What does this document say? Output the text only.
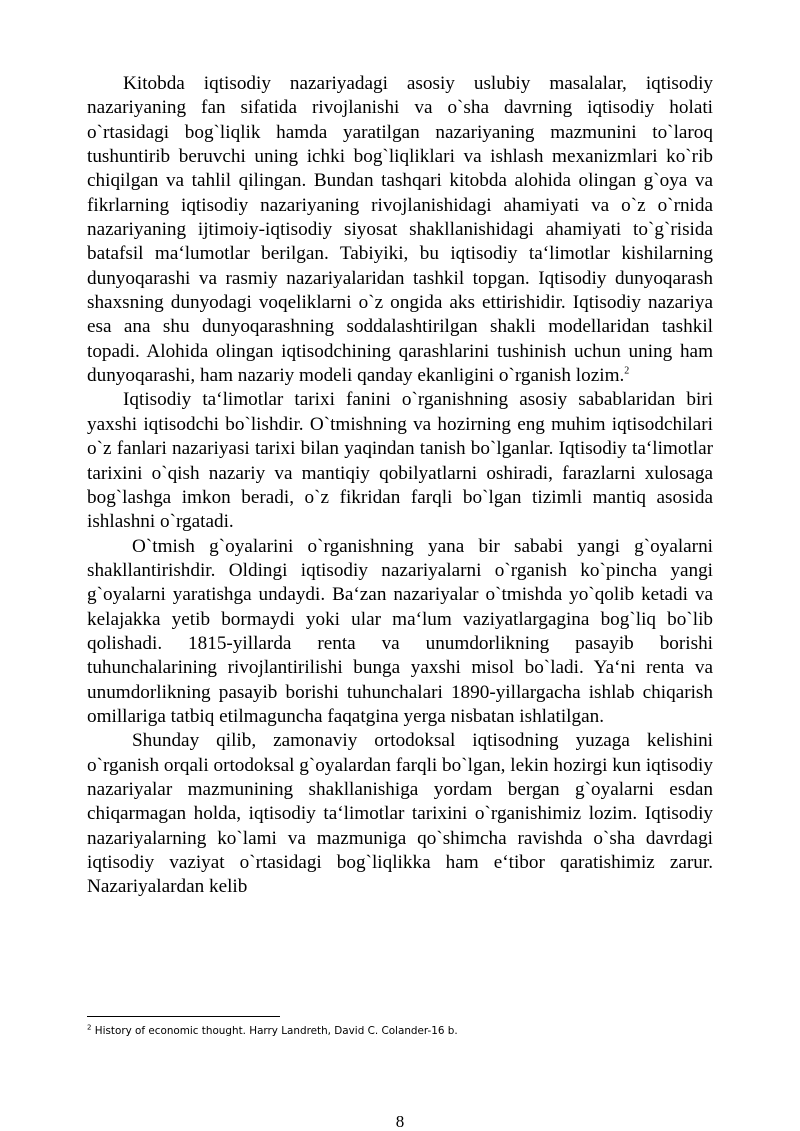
Kitobda iqtisodiy nazariyadagi asosiy uslubiy masalalar, iqtisodiy nazariyaning fan sifatida rivojlanishi va o`sha davrning iqtisodiy holati o`rtasidagi bog`liqlik hamda yaratilgan nazariyaning mazmunini to`laroq tushuntirib beruvchi uning ichki bog`liqliklari va ishlash mexanizmlari ko`rib chiqilgan va tahlil qilingan. Bundan tashqari kitobda alohida olingan g`oya va fikrlarning iqtisodiy nazariyaning rivojlanishidagi ahamiyati va o`z o`rnida nazariyaning ijtimoiy-iqtisodiy siyosat shakllanishidagi ahamiyati to`g`risida batafsil ma‘lumotlar berilgan. Tabiyiki, bu iqtisodiy ta‘limotlar kishilarning dunyoqarashi va rasmiy nazariyalaridan tashkil topgan. Iqtisodiy dunyoqarash shaxsning dunyodagi voqeliklarni o`z ongida aks ettirishidir. Iqtisodiy nazariya esa ana shu dunyoqarashning soddalashtirilgan shakli modellaridan tashkil topadi. Alohida olingan iqtisodchining qarashlarini tushinish uchun uning ham dunyoqarashi, ham nazariy modeli qanday ekanligini o`rganish lozim.$^2$

Iqtisodiy ta‘limotlar tarixi fanini o`rganishning asosiy sabablaridan biri yaxshi iqtisodchi bo`lishdir. O`tmishning va hozirning eng muhim iqtisodchilari o`z fanlari nazariyasi tarixi bilan yaqindan tanish bo`lganlar. Iqtisodiy ta‘limotlar tarixini o`qish nazariy va mantiqiy qobilyatlarni oshiradi, farazlarni xulosaga bog`lashga imkon beradi, o`z fikridan farqli bo`lgan tizimli mantiq asosida ishlashni o`rgatadi.

O`tmish g`oyalarini o`rganishning yana bir sababi yangi g`oyalarni shakllantirishdir. Oldingi iqtisodiy nazariyalarni o`rganish ko`pincha yangi g`oyalarni yaratishga undaydi. Ba‘zan nazariyalar o`tmishda yo`qolib ketadi va kelajakka yetib bormaydi yoki ular ma‘lum vaziyatlargagina bog`liq bo`lib qolishadi. 1815-yillarda renta va unumdorlikning pasayib borishi tuhunchalarining rivojlantirilishi bunga yaxshi misol bo`ladi. Ya‘ni renta va unumdorlikning pasayib borishi tuhunchalari 1890-yillargacha ishlab chiqarish omillariga tatbiq etilmaguncha faqatgina yerga nisbatan ishlatilgan.

Shunday qilib, zamonaviy ortodoksal iqtisodning yuzaga kelishini o`rganish orqali ortodoksal g`oyalardan farqli bo`lgan, lekin hozirgi kun iqtisodiy nazariyalar mazmunining shakllanishiga yordam bergan g`oyalarni esdan chiqarmagan holda, iqtisodiy ta‘limotlar tarixini o`rganishimiz lozim. Iqtisodiy nazariyalarning ko`lami va mazmuniga qo`shimcha ravishda o`sha davrdagi iqtisodiy vaziyat o`rtasidagi bog`liqlikka ham e‘tibor qaratishimiz zarur. Nazariyalardan kelib

$^2$ History of economic thought. Harry Landreth, David C. Colander-16 b.
8
